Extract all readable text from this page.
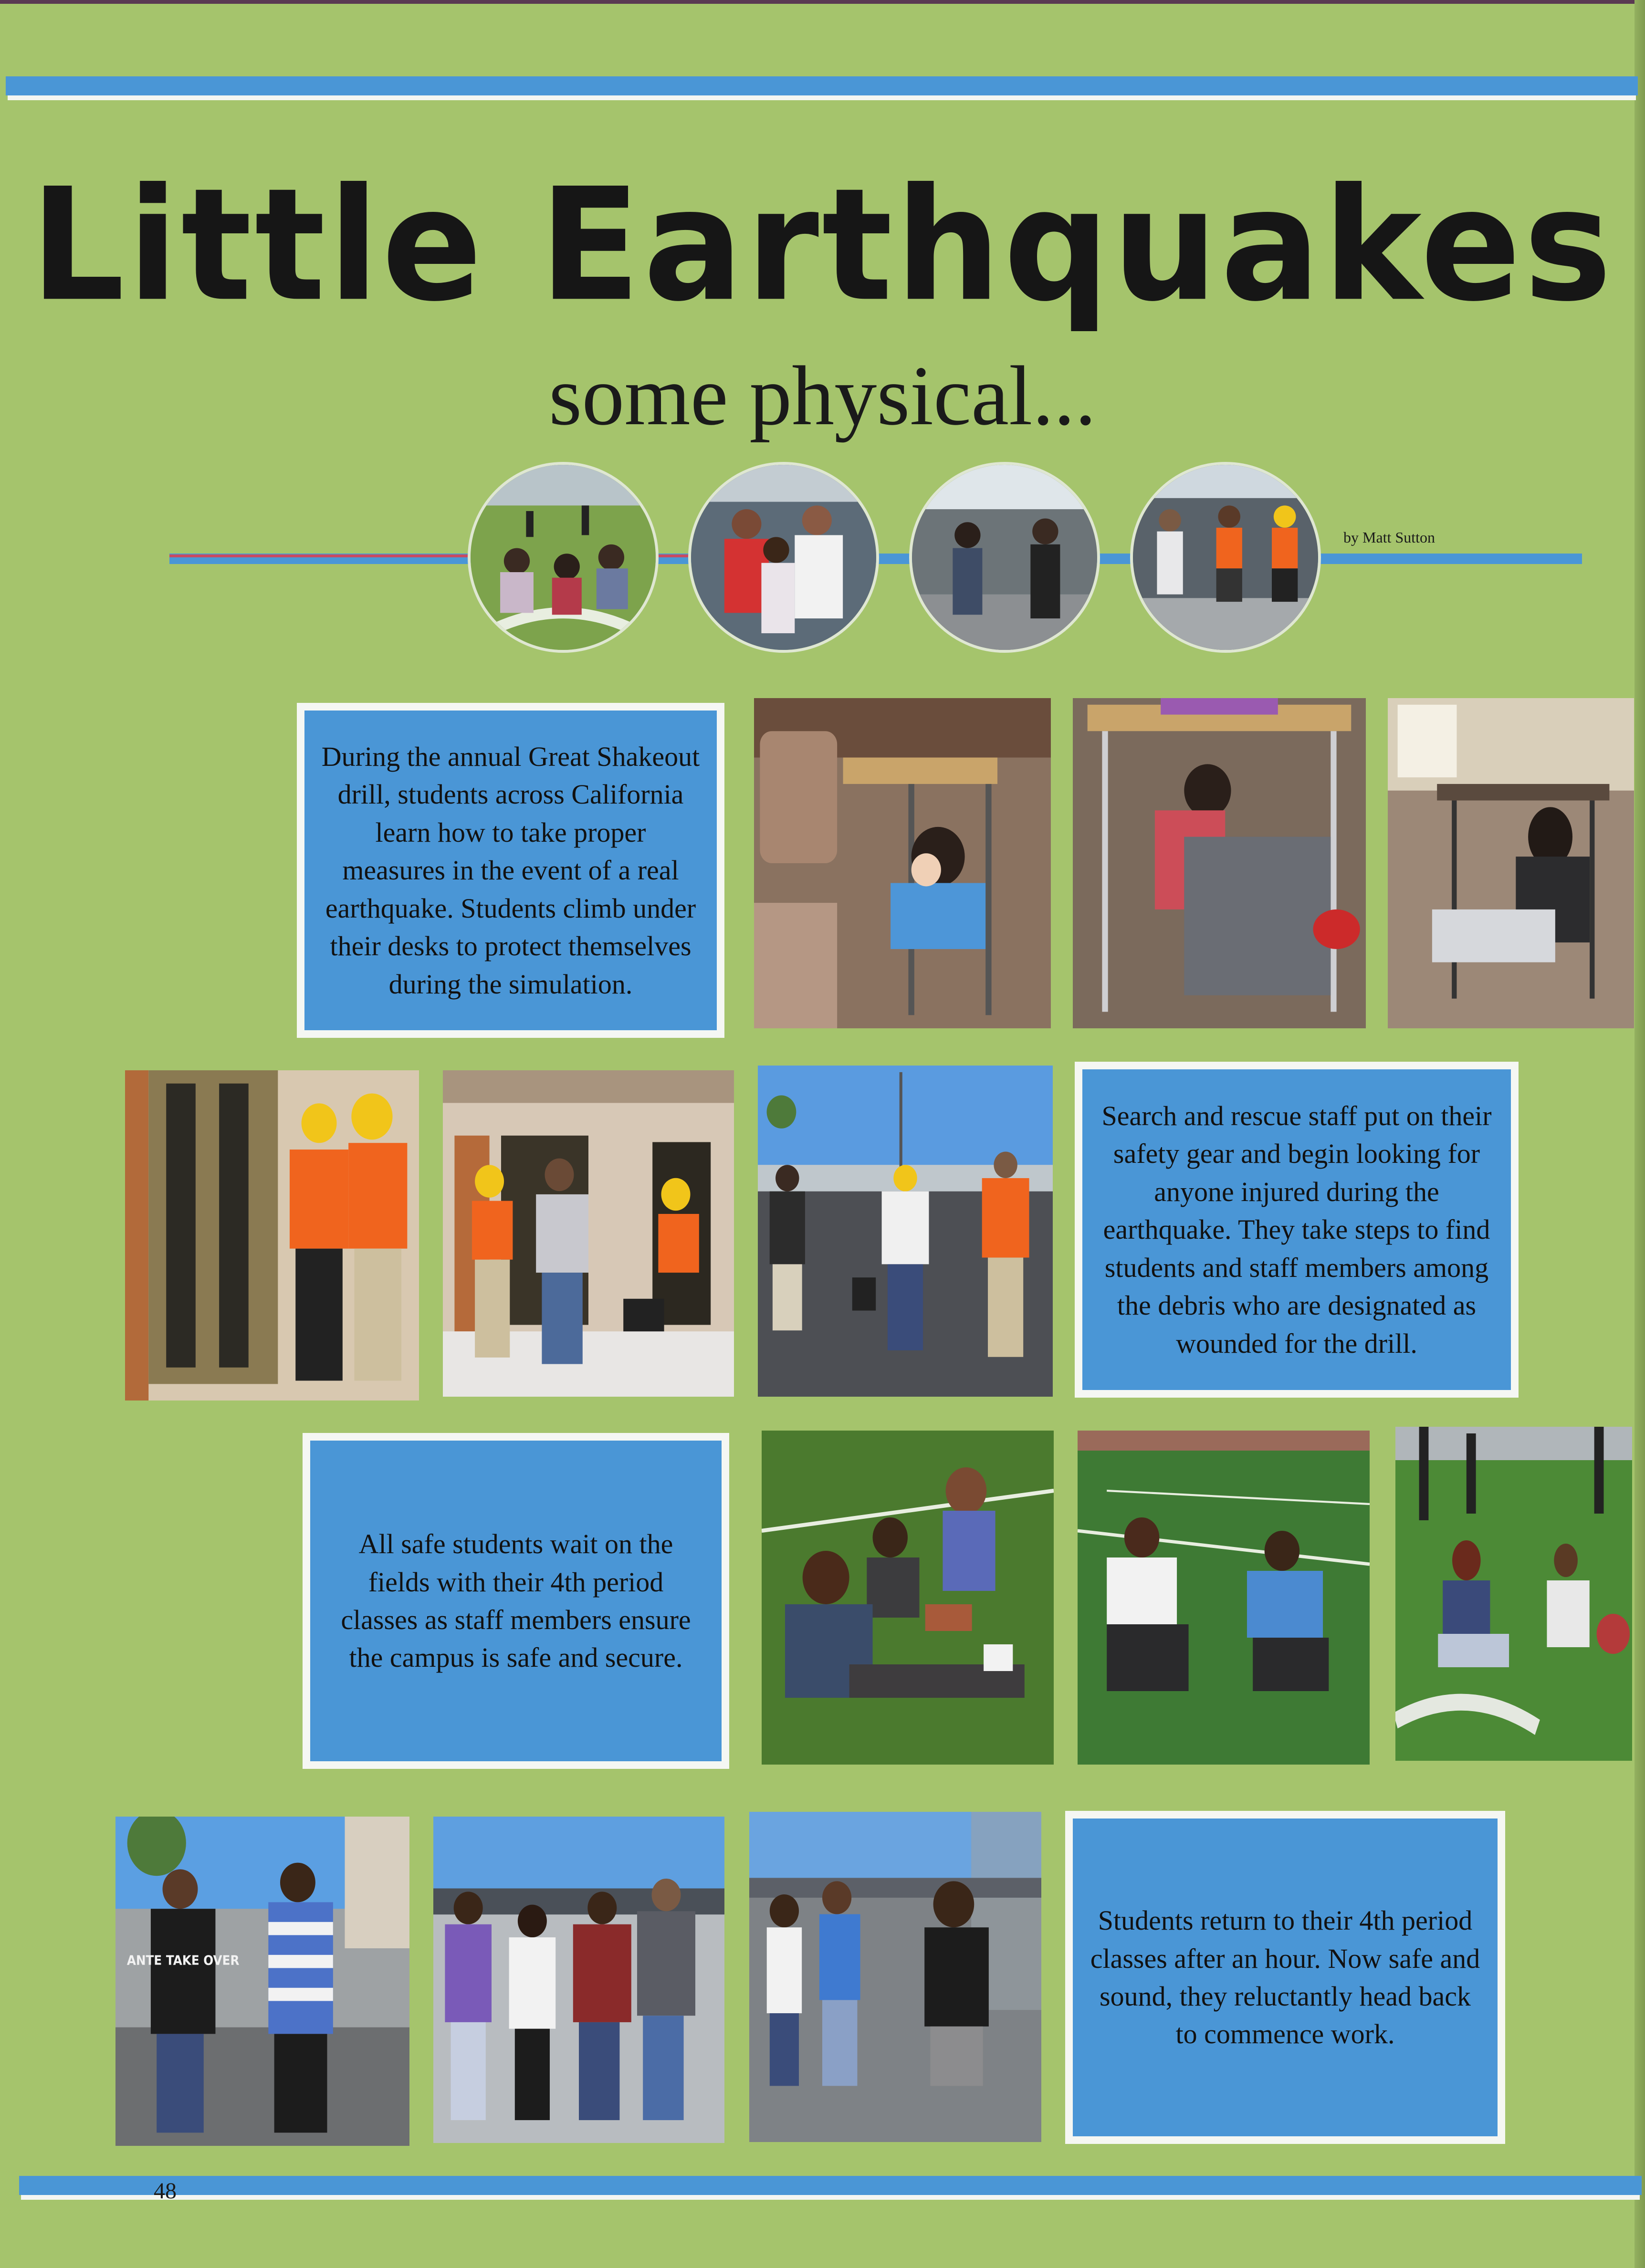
Little Earthquakes
some physical...
by Matt Sutton
During the annual Great Shakeout drill, students across California learn how to take proper measures in the event of a real earthquake. Students climb under their desks to protect themselves during the simulation.
Search and rescue staff put on their safety gear and begin looking for anyone injured during the earthquake. They take steps to find students and staff members among the debris who are designated as wounded for the drill.
All safe students wait on the fields with their 4th period classes as staff members ensure the campus is safe and secure.
ANTE TAKE OVER
Students return to their 4th period classes after an hour. Now safe and sound, they reluctantly head back to commence work.
48
